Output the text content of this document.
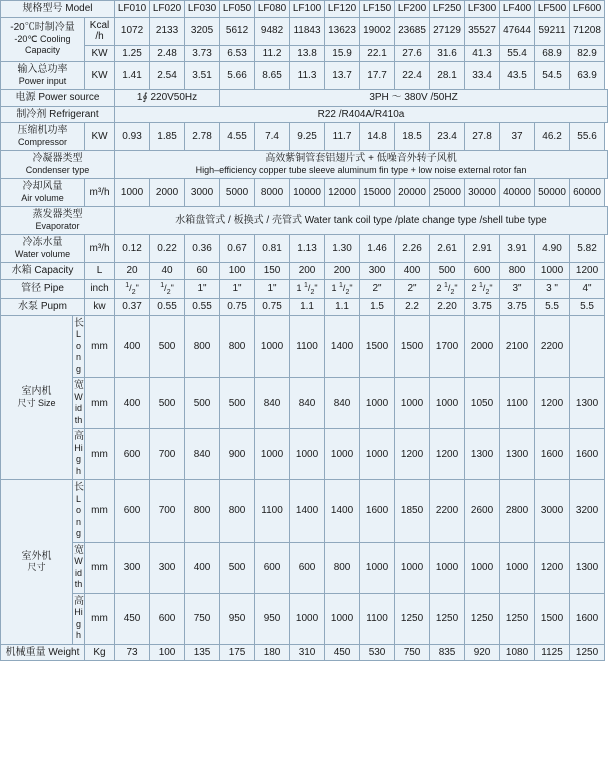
规格型号 Model			LF010	LF020	LF030	LF050	LF080	LF100	LF120	LF150	LF200	LF250	LF300	LF400	LF500	LF600
-20℃时制冷量
-20℃ Cooling Capacity		Kcal /h	1072	2133	3205	5612	9482	11843	13623	19002	23685	27129	35527	47644	59211	71208
		KW	1.25	2.48	3.73	6.53	11.2	13.8	15.9	22.1	27.6	31.6	41.3	55.4	68.9	82.9
输入总功率
Power input		KW	1.41	2.54	3.51	5.66	8.65	11.3	13.7	17.7	22.4	28.1	33.4	43.5	54.5	63.9
电源 Power source			1∮ 220V50Hz			3PH ～ 380V /50HZ										
制冷剂 Refrigerant			R22 /R404A/R410a													
压缩机功率
Compressor		KW	0.93	1.85	2.78	4.55	7.4	9.25	11.7	14.8	18.5	23.4	27.8	37	46.2	55.6
冷凝器类型
Condenser type			高效紫铜管套铝翅片式 + 低噪音外转子风机
High–efficiency copper tube sleeve aluminum fin type + low noise external rotor fan													
冷却风量
Air volume		m³/h	1000	2000	3000	5000	8000	10000	12000	15000	20000	25000	30000	40000	50000	60000
蒸发器类型
Evaporator			水箱盘管式 / 板换式 / 壳管式 Water tank coil type /plate change type /shell tube type													
冷冻水量
Water volume		m³/h	0.12	0.22	0.36	0.67	0.81	1.13	1.30	1.46	2.26	2.61	2.91	3.91	4.90	5.82
水箱 Capacity		L	20	40	60	100	150	200	200	300	400	500	600	800	1000	1200
管径 Pipe		inch	$^1/_2$"	$^1/_2$"	1"	1"	1"	1 $^1/_2$"	1 $^1/_2$"	2"	2"	2 $^1/_2$"	2 $^1/_2$"	3"	3 "	4"
水泵 Pupm		kw	0.37	0.55	0.55	0.75	0.75	1.1	1.1	1.5	2.2	2.20	3.75	3.75	5.5	5.5
室内机
尺寸 Size	长
Long	mm	400	500	800	800	1000	1100	1400	1500	1500	1700	2000	2100	2200	
	宽
Width	mm	400	500	500	500	840	840	840	1000	1000	1000	1050	1100	1200	1300
	高
High	mm	600	700	840	900	1000	1000	1000	1000	1200	1200	1300	1300	1600	1600
室外机
尺寸	长
Long	mm	600	700	800	800	1100	1400	1400	1600	1850	2200	2600	2800	3000	3200
	宽
Width	mm	300	300	400	500	600	600	800	1000	1000	1000	1000	1000	1200	1300
	高
High	mm	450	600	750	950	950	1000	1000	1100	1250	1250	1250	1250	1500	1600
机械重量 Weight		Kg	73	100	135	175	180	310	450	530	750	835	920	1080	1125	1250
